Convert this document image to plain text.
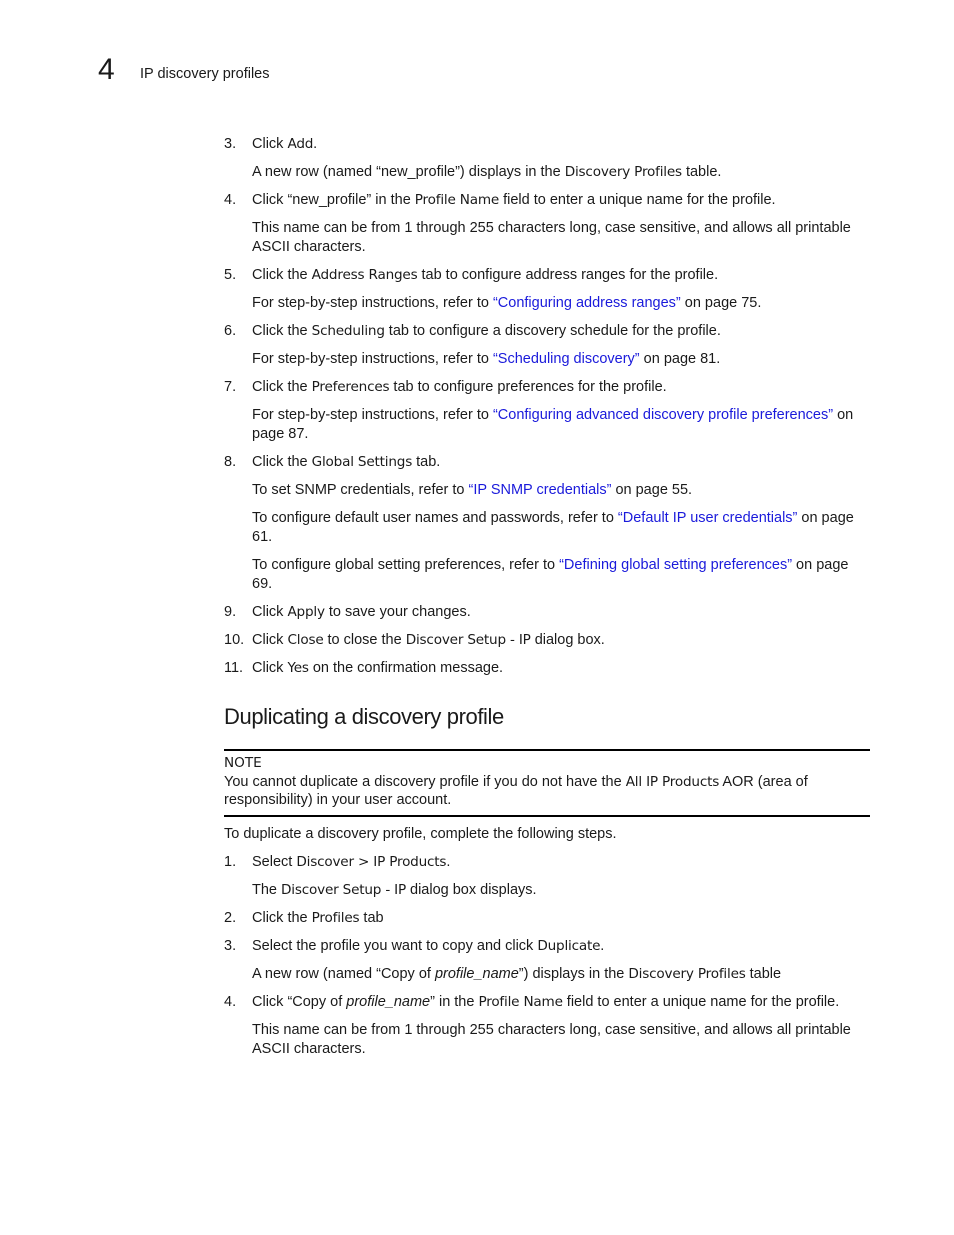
4 IP discovery profiles
3.	Click Add.
A new row (named “new_profile”) displays in the Discovery Profiles table.
4.	Click “new_profile” in the Profile Name field to enter a unique name for the profile.
This name can be from 1 through 255 characters long, case sensitive, and allows all printable ASCII characters.
5.	Click the Address Ranges tab to configure address ranges for the profile.
For step-by-step instructions, refer to “Configuring address ranges” on page 75.
6.	Click the Scheduling tab to configure a discovery schedule for the profile.
For step-by-step instructions, refer to “Scheduling discovery” on page 81.
7.	Click the Preferences tab to configure preferences for the profile.
For step-by-step instructions, refer to “Configuring advanced discovery profile preferences” on page 87.
8.	Click the Global Settings tab.
To set SNMP credentials, refer to “IP SNMP credentials” on page 55.
To configure default user names and passwords, refer to “Default IP user credentials” on page 61.
To configure global setting preferences, refer to “Defining global setting preferences” on page 69.
9.	Click Apply to save your changes.
10. Click Close to close the Discover Setup - IP dialog box.
11. Click Yes on the confirmation message.
Duplicating a discovery profile
NOTE
You cannot duplicate a discovery profile if you do not have the All IP Products AOR (area of responsibility) in your user account.
To duplicate a discovery profile, complete the following steps.
1.	Select Discover > IP Products.
The Discover Setup - IP dialog box displays.
2.	Click the Profiles tab
3.	Select the profile you want to copy and click Duplicate.
A new row (named “Copy of profile_name”) displays in the Discovery Profiles table
4.	Click “Copy of profile_name” in the Profile Name field to enter a unique name for the profile.
This name can be from 1 through 255 characters long, case sensitive, and allows all printable ASCII characters.
